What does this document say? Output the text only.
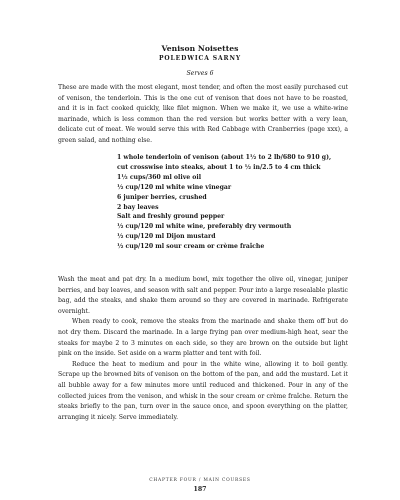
Venison Noisettes
POLEDWICA SARNY
Serves 6

These are made with the most elegant, most tender, and often the most easily purchased cut of venison, the tenderloin. This is the one cut of venison that does not have to be roasted, and it is in fact cooked quickly, like filet mignon. When we make it, we use a white-wine marinade, which is less common than the red version but works better with a very lean, delicate cut of meat. We would serve this with Red Cabbage with Cranberries (page xxx), a green salad, and nothing else.

1 whole tenderloin of venison (about 1½ to 2 lb/680 to 910 g),
cut crosswise into steaks, about 1 to ½ in/2.5 to 4 cm thick
1½ cups/360 ml olive oil
½ cup/120 ml white wine vinegar
6 juniper berries, crushed
2 bay leaves
Salt and freshly ground pepper
½ cup/120 ml white wine, preferably dry vermouth
½ cup/120 ml Dijon mustard
½ cup/120 ml sour cream or crème fraîche

Wash the meat and pat dry. In a medium bowl, mix together the olive oil, vinegar, juniper berries, and bay leaves, and season with salt and pepper. Pour into a large resealable plastic bag, add the steaks, and shake them around so they are covered in marinade. Refrigerate overnight.

When ready to cook, remove the steaks from the marinade and shake them off but do not dry them. Discard the marinade. In a large frying pan over medium-high heat, sear the steaks for maybe 2 to 3 minutes on each side, so they are brown on the outside but light pink on the inside. Set aside on a warm platter and tent with foil.

Reduce the heat to medium and pour in the white wine, allowing it to boil gently. Scrape up the browned bits of venison on the bottom of the pan, and add the mustard. Let it all bubble away for a few minutes more until reduced and thickened. Pour in any of the collected juices from the venison, and whisk in the sour cream or crème fraîche. Return the steaks briefly to the pan, turn over in the sauce once, and spoon everything on the platter, arranging it nicely. Serve immediately.

CHAPTER FOUR / MAIN COURSES
187
